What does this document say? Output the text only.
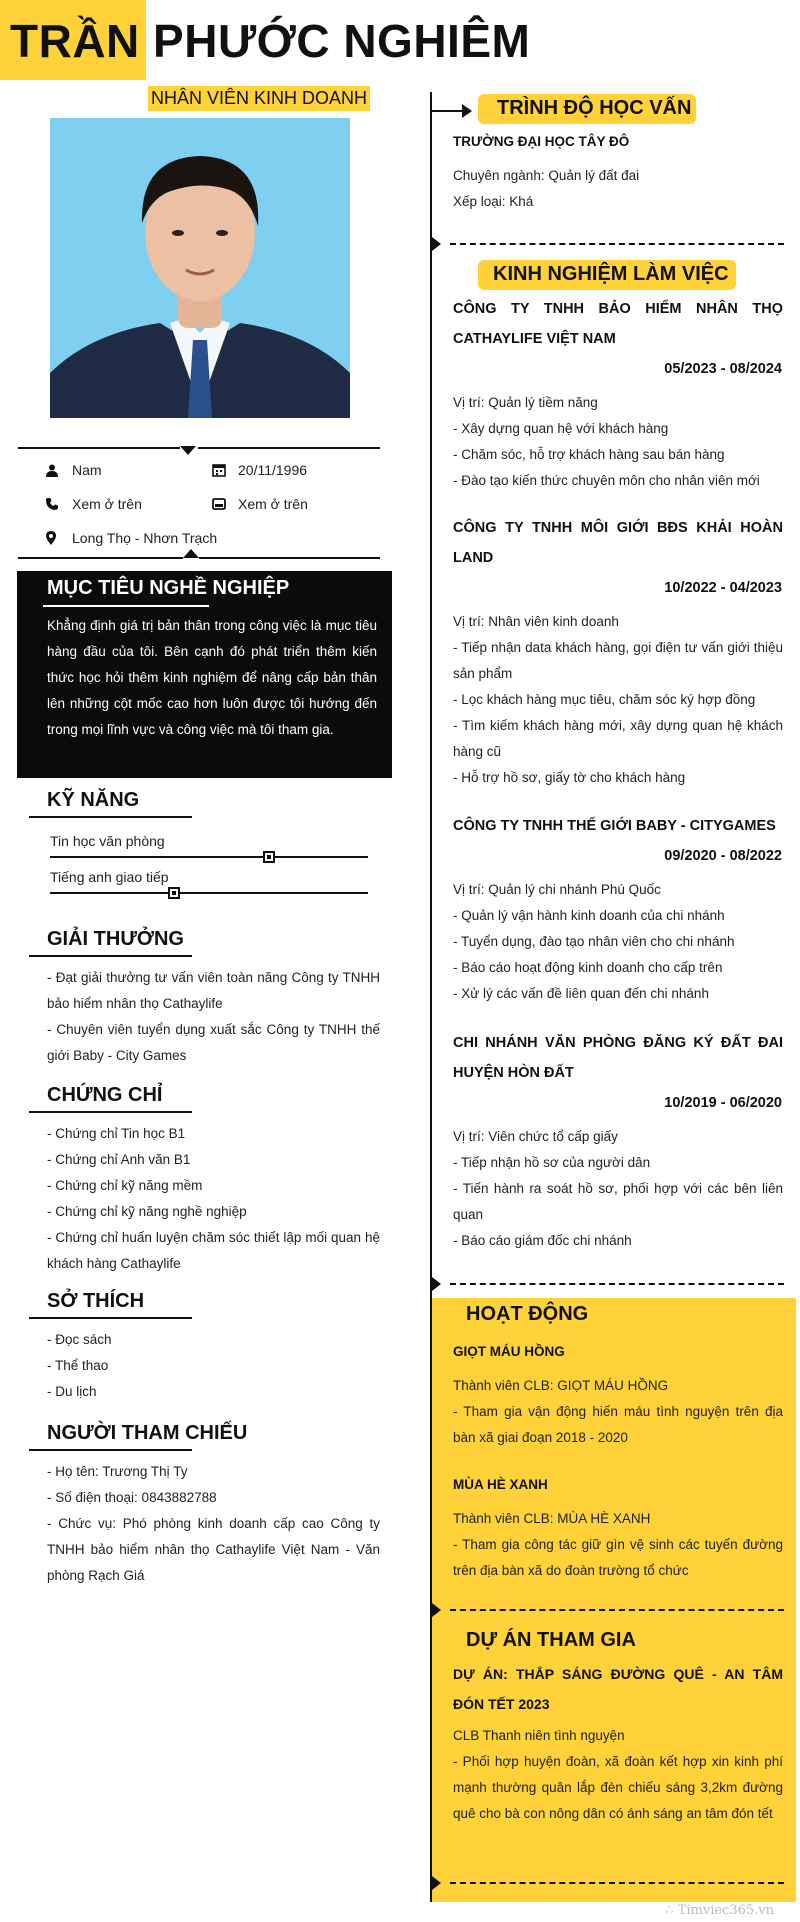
TRẦN PHƯỚC NGHIÊM
NHÂN VIÊN KINH DOANH
Nam	20/11/1996
Xem ở trên	Xem ở trên
Long Thọ - Nhơn Trạch
MỤC TIÊU NGHỀ NGHIỆP

Khẳng định giá trị bản thân trong công việc là mục tiêu hàng đầu của tôi. Bên cạnh đó phát triển thêm kiến thức học hỏi thêm kinh nghiệm để nâng cấp bản thân lên những cột mốc cao hơn luôn được tôi hướng đến trong mọi lĩnh vực và công việc mà tôi tham gia.

KỸ NĂNG
Tin học văn phòng
Tiếng anh giao tiếp
GIẢI THƯỞNG
- Đạt giải thưởng tư vấn viên toàn năng Công ty TNHH bảo hiểm nhân thọ Cathaylife
- Chuyên viên tuyển dụng xuất sắc Công ty TNHH thế giới Baby - City Games
CHỨNG CHỈ
- Chứng chỉ Tin học B1
- Chứng chỉ Anh văn B1
- Chứng chỉ kỹ năng mềm
- Chứng chỉ kỹ năng nghề nghiệp
- Chứng chỉ huấn luyện chăm sóc thiết lập mối quan hệ khách hàng Cathaylife
SỞ THÍCH
- Đọc sách
- Thể thao
- Du lịch
NGƯỜI THAM CHIẾU
- Họ tên: Trương Thị Ty
- Số điện thoại: 0843882788
- Chức vụ: Phó phòng kinh doanh cấp cao Công ty TNHH bảo hiểm nhân thọ Cathaylife Việt Nam - Văn phòng Rạch Giá
TRÌNH ĐỘ HỌC VẤN
TRƯỜNG ĐẠI HỌC TÂY ĐÔ
Chuyên ngành: Quản lý đất đai
Xếp loại: Khá
KINH NGHIỆM LÀM VIỆC
CÔNG TY TNHH BẢO HIỂM NHÂN THỌ CATHAYLIFE VIỆT NAM
05/2023 - 08/2024
Vị trí: Quản lý tiềm năng
- Xây dựng quan hệ với khách hàng
- Chăm sóc, hỗ trợ khách hàng sau bán hàng
- Đào tạo kiến thức chuyên môn cho nhân viên mới
CÔNG TY TNHH MÔI GIỚI BĐS KHẢI HOÀN LAND
10/2022 - 04/2023
Vị trí: Nhân viên kinh doanh
- Tiếp nhận data khách hàng, gọi điện tư vấn giới thiệu sản phẩm
- Lọc khách hàng mục tiêu, chăm sóc ký hợp đồng
- Tìm kiếm khách hàng mới, xây dựng quan hệ khách hàng cũ
- Hỗ trợ hồ sơ, giấy tờ cho khách hàng
CÔNG TY TNHH THẾ GIỚI BABY - CITYGAMES
09/2020 - 08/2022
Vị trí: Quản lý chi nhánh Phú Quốc
- Quản lý vận hành kinh doanh của chi nhánh
- Tuyển dụng, đào tạo nhân viên cho chi nhánh
- Báo cáo hoạt động kinh doanh cho cấp trên
- Xử lý các vấn đề liên quan đến chi nhánh
CHI NHÁNH VĂN PHÒNG ĐĂNG KÝ ĐẤT ĐAI HUYỆN HÒN ĐẤT
10/2019 - 06/2020
Vị trí: Viên chức tổ cấp giấy
- Tiếp nhận hồ sơ của người dân
- Tiến hành ra soát hồ sơ, phối hợp với các bên liên quan
- Báo cáo giám đốc chi nhánh
HOẠT ĐỘNG
GIỌT MÁU HỒNG
Thành viên CLB: GIỌT MÁU HỒNG
- Tham gia vận động hiến máu tình nguyện trên địa bàn xã giai đoạn 2018 - 2020
MÙA HÈ XANH
Thành viên CLB: MÙA HÈ XANH
- Tham gia công tác giữ gìn vệ sinh các tuyến đường trên địa bàn xã do đoàn trường tổ chức
DỰ ÁN THAM GIA
DỰ ÁN: THẮP SÁNG ĐƯỜNG QUÊ - AN TÂM ĐÓN TẾT 2023
CLB Thanh niên tình nguyện
- Phối hợp huyện đoàn, xã đoàn kết hợp xin kinh phí mạnh thường quân lắp đèn chiếu sáng 3,2km đường quê cho bà con nông dân có ánh sáng an tâm đón tết
∴ Timviec365.vn
